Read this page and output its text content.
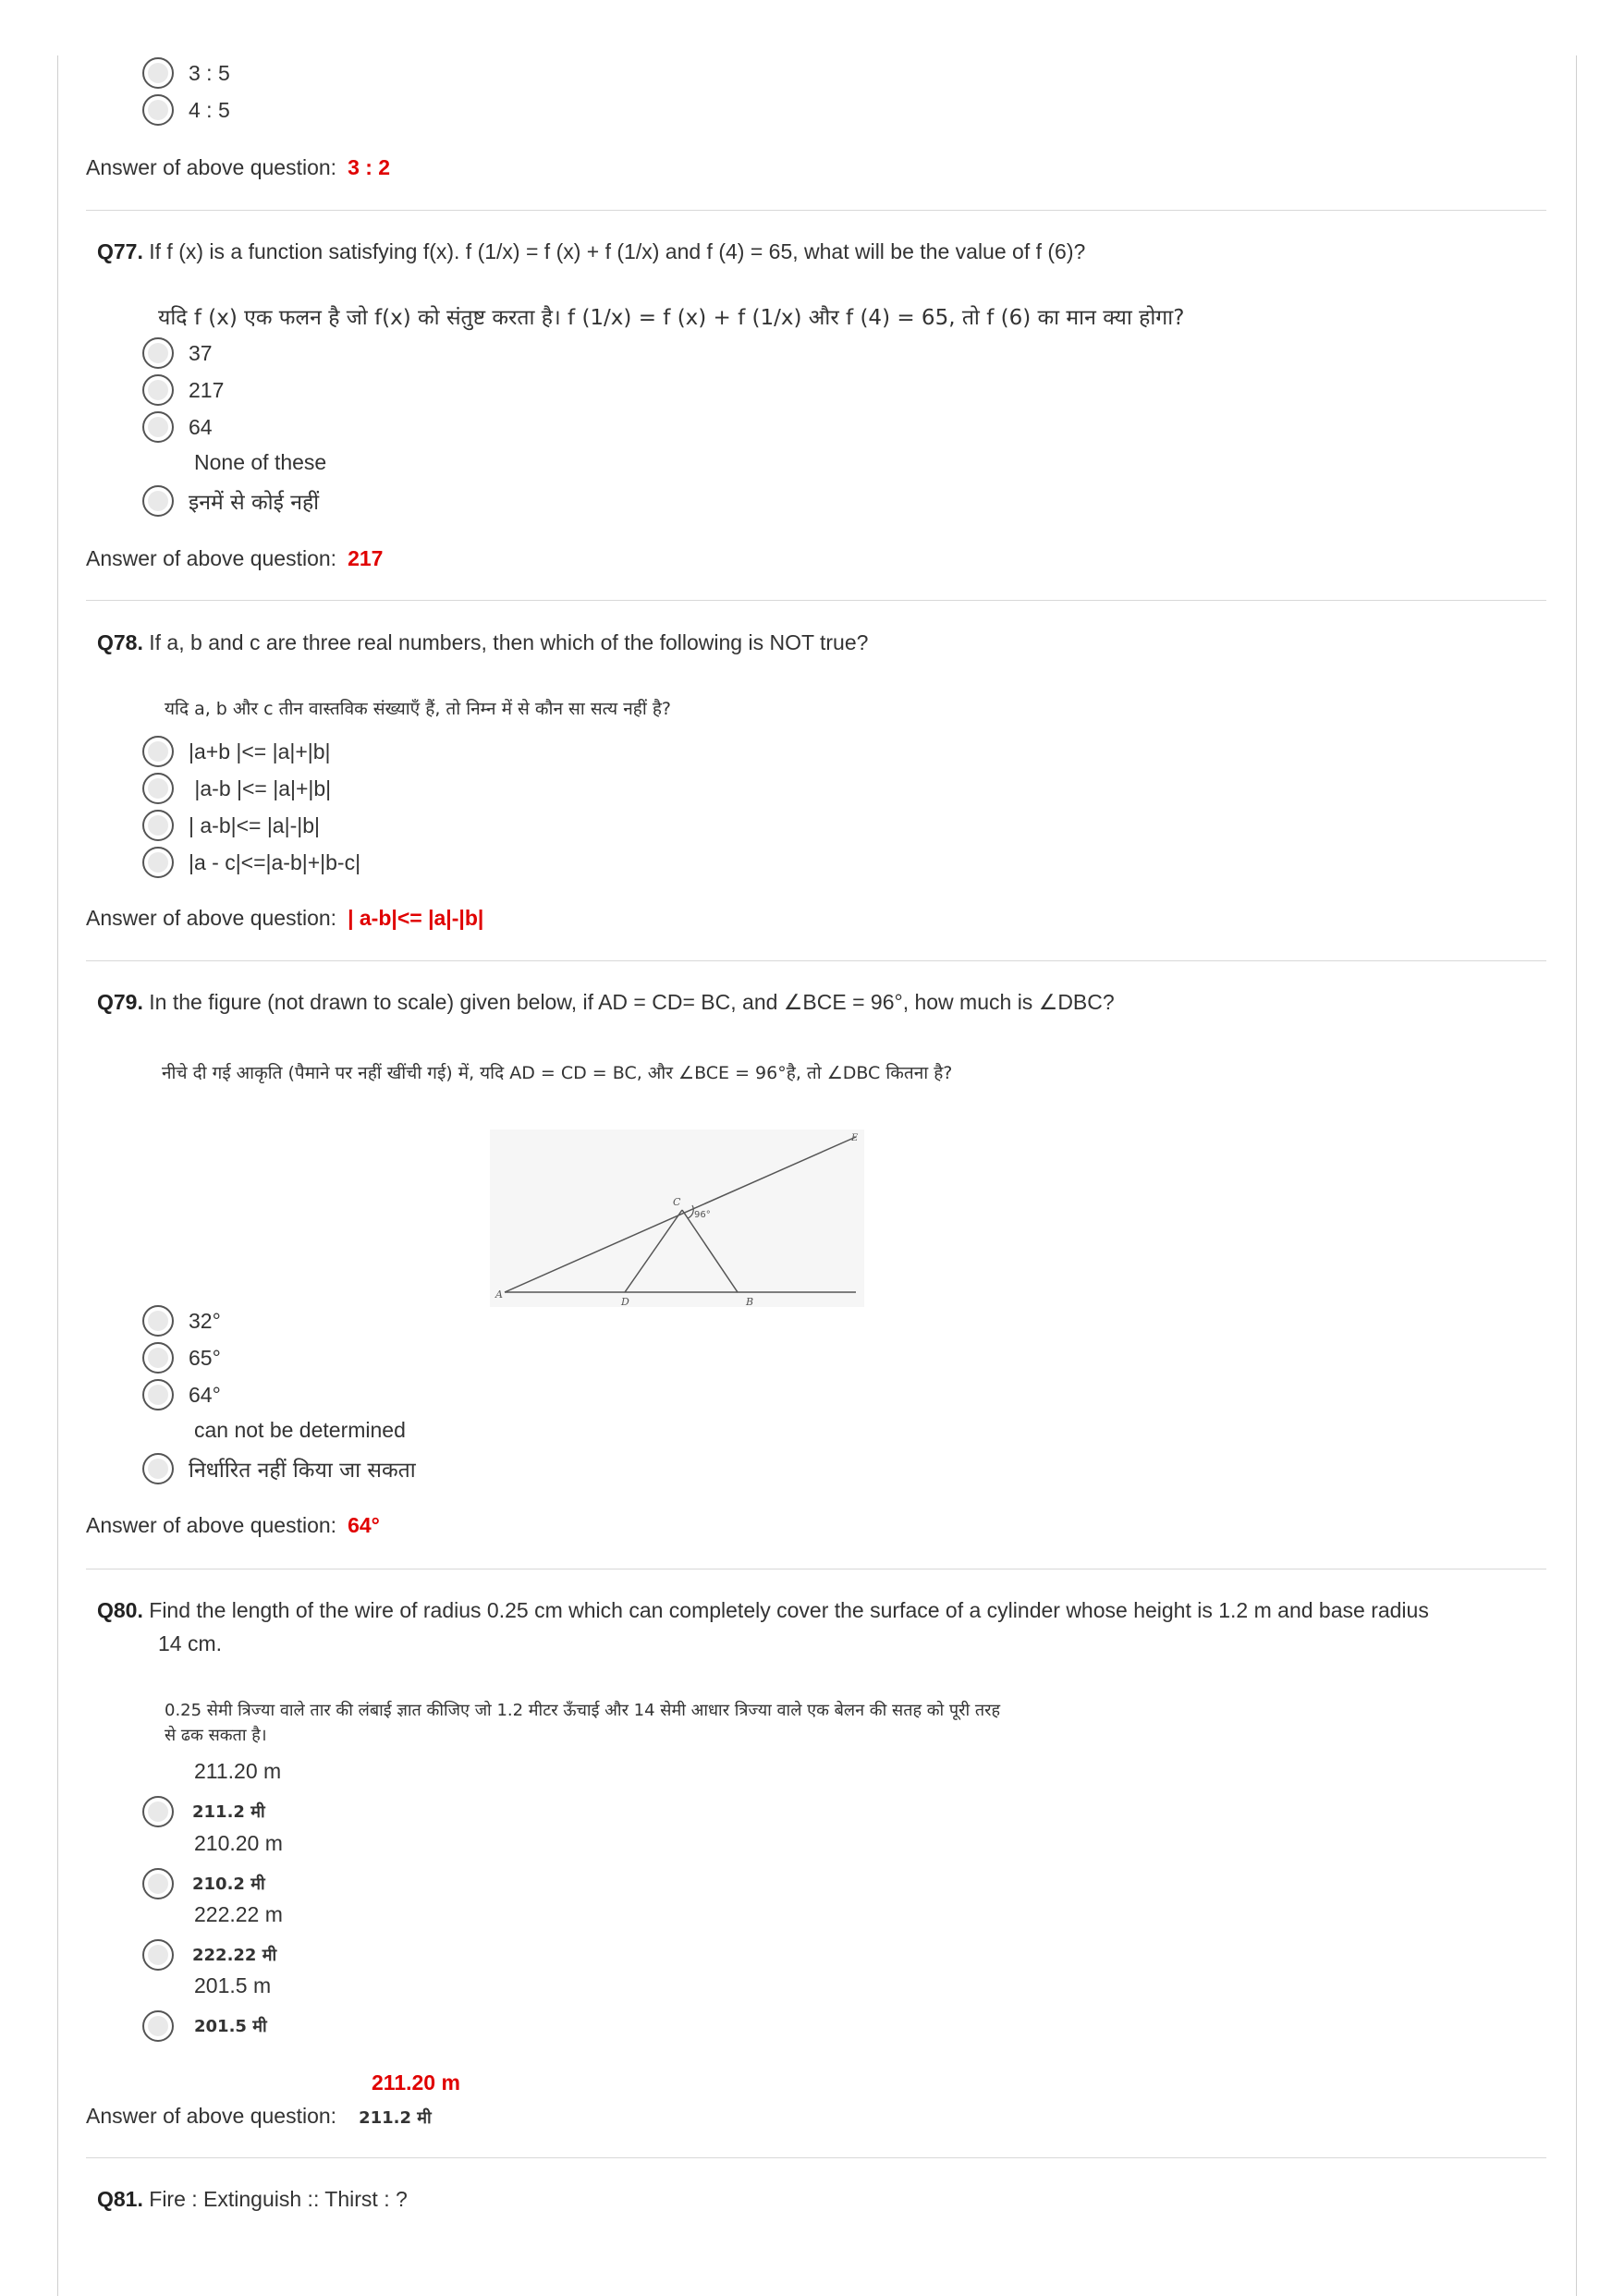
3 : 5
4 : 5
Answer of above question: 3 : 2
Q77. If f (x) is a function satisfying f(x). f (1/x) = f (x) + f (1/x) and f (4) = 65, what will be the value of f (6)?
यदि f (x) एक फलन है जो f(x) को संतुष्ट करता है। f (1/x) = f (x) + f (1/x) और f (4) = 65, तो f (6) का मान क्या होगा?
37
217
64
None of these
इनमें से कोई नहीं
Answer of above question: 217
Q78. If a, b and c are three real numbers, then which of the following is NOT true?
यदि a, b और c तीन वास्तविक संख्याएँ हैं, तो निम्न में से कौन सा सत्य नहीं है?
|a+b |<= |a|+|b|
|a-b |<= |a|+|b|
| a-b|<= |a|-|b|
|a - c|<=|a-b|+|b-c|
Answer of above question: | a-b|<= |a|-|b|
Q79. In the figure (not drawn to scale) given below, if AD = CD= BC, and ∠BCE = 96°, how much is ∠DBC?
नीचे दी गई आकृति (पैमाने पर नहीं खींची गई) में, यदि AD = CD = BC, और ∠BCE = 96°है, तो ∠DBC कितना है?
A
D	B
C
E
96°
32°
65°
64°
can not be determined
निर्धारित नहीं किया जा सकता
Answer of above question: 64°
Q80. Find the length of the wire of radius 0.25 cm which can completely cover the surface of a cylinder whose height is 1.2 m and base radius
14 cm.
0.25 सेमी त्रिज्या वाले तार की लंबाई ज्ञात कीजिए जो 1.2 मीटर ऊँचाई और 14 सेमी आधार त्रिज्या वाले एक बेलन की सतह को पूरी तरह
से ढक सकता है।
211.20 m
211.2 मी
210.20 m
210.2 मी
222.22 m
222.22 मी
201.5 m
201.5 मी
211.20 m
Answer of above question: 211.2 मी
Q81. Fire : Extinguish :: Thirst : ?
